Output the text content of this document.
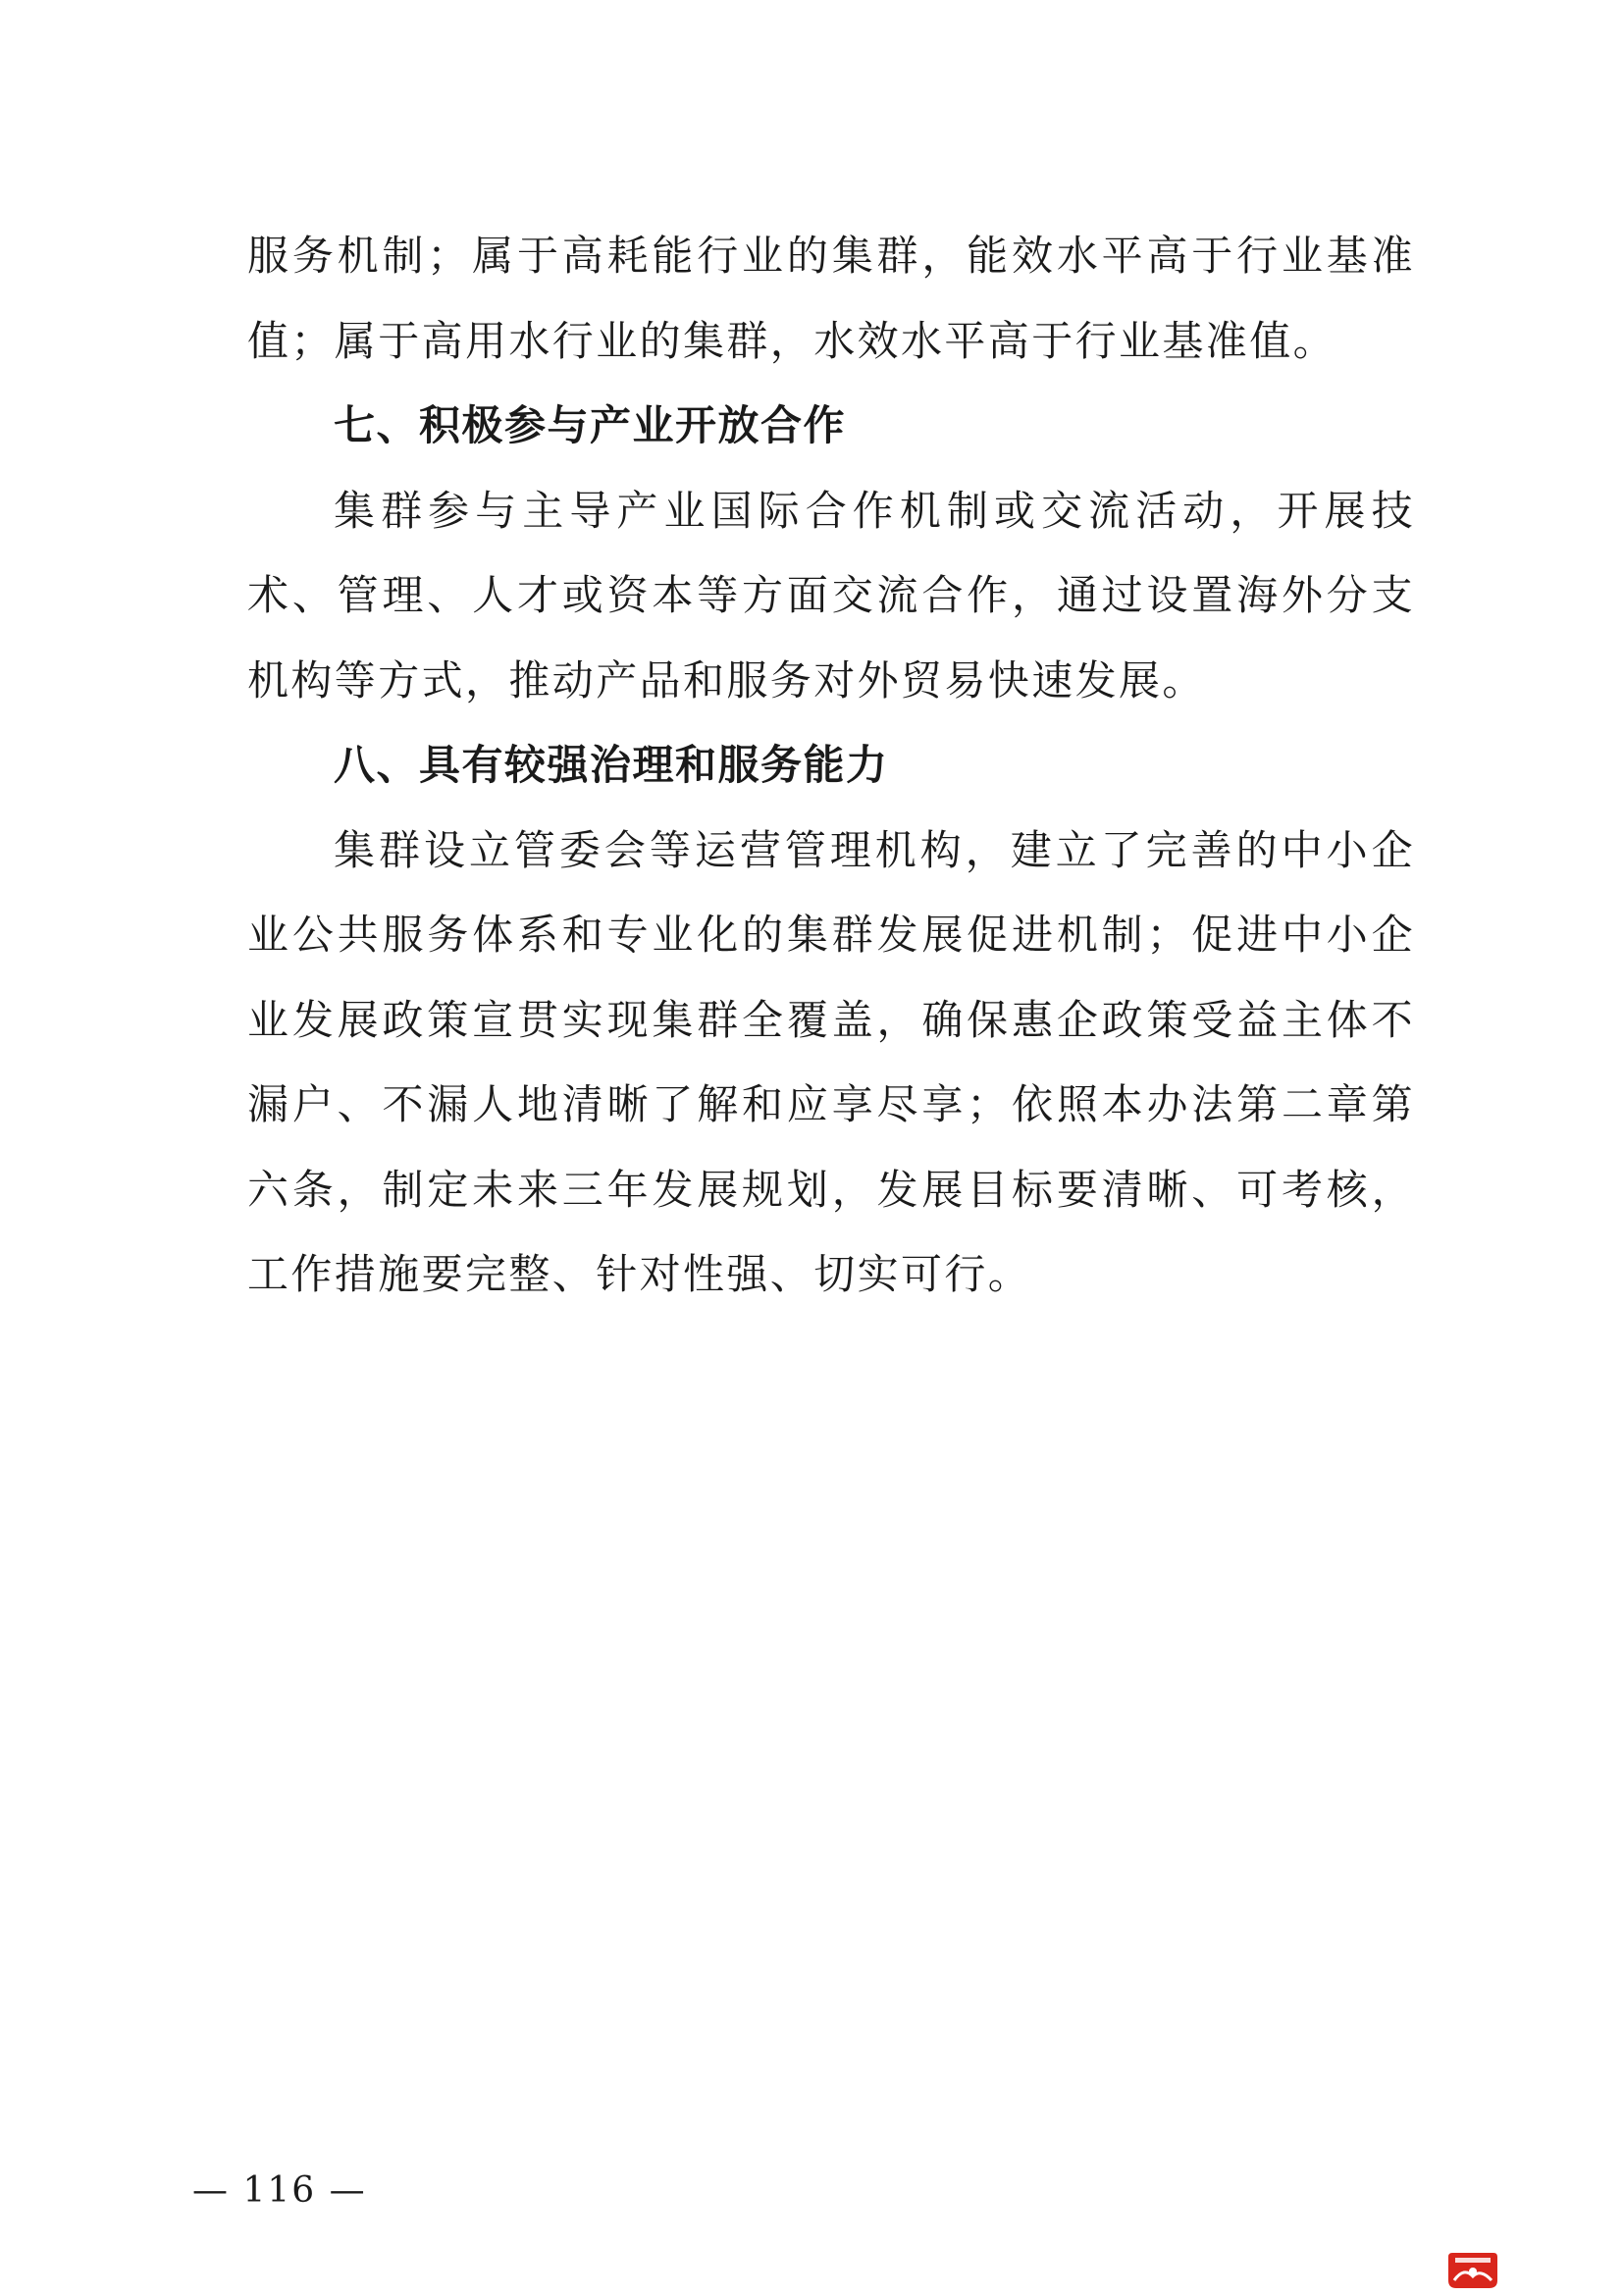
服务机制；属于高耗能行业的集群，能效水平高于行业基准值；属于高用水行业的集群，水效水平高于行业基准值。

七、积极参与产业开放合作

集群参与主导产业国际合作机制或交流活动，开展技术、管理、人才或资本等方面交流合作，通过设置海外分支机构等方式，推动产品和服务对外贸易快速发展。

八、具有较强治理和服务能力

集群设立管委会等运营管理机构，建立了完善的中小企业公共服务体系和专业化的集群发展促进机制；促进中小企业发展政策宣贯实现集群全覆盖，确保惠企政策受益主体不漏户、不漏人地清晰了解和应享尽享；依照本办法第二章第六条，制定未来三年发展规划，发展目标要清晰、可考核，工作措施要完整、针对性强、切实可行。

— 116 —
